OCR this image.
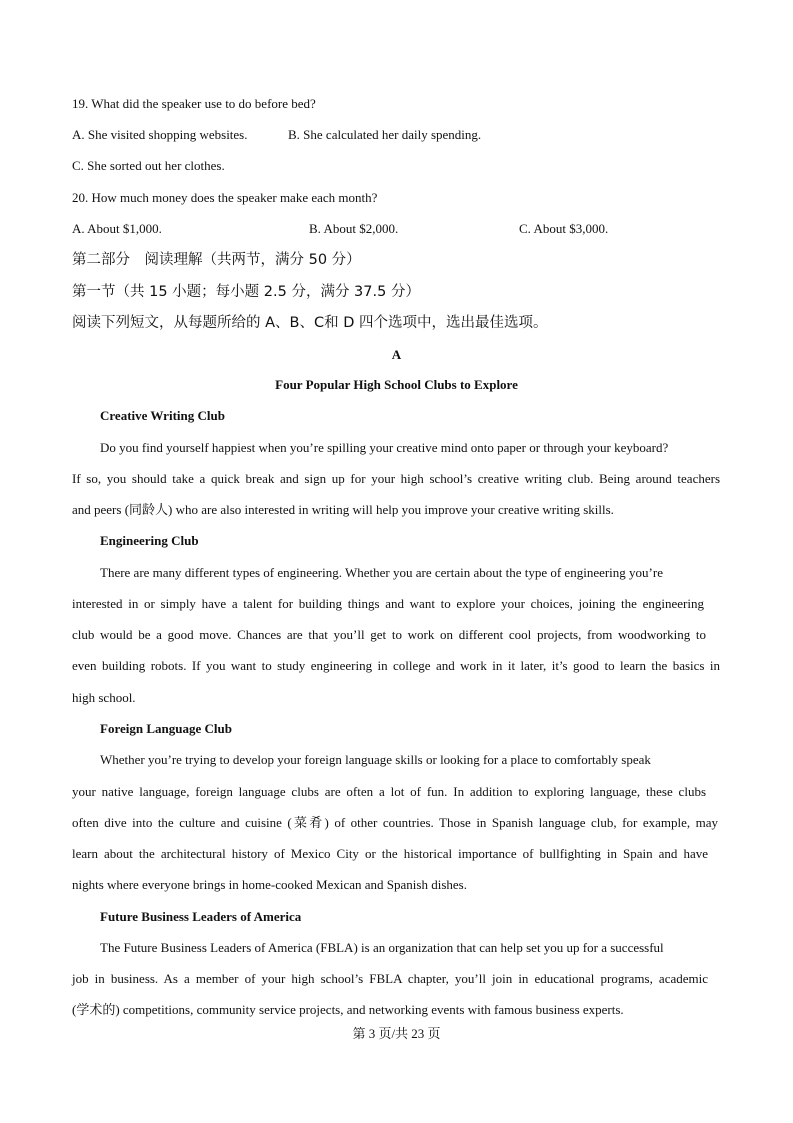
19. What did the speaker use to do before bed?
A. She visited shopping websites.	B. She calculated her daily spending.
C. She sorted out her clothes.
20. How much money does the speaker make each month?
A. About $1,000.	B. About $2,000.	C. About $3,000.
第二部分　阅读理解（共两节，满分 50 分）
第一节（共 15 小题；每小题 2.5 分，满分 37.5 分）
阅读下列短文，从每题所给的 A、B、C和 D 四个选项中，选出最佳选项。
A
Four Popular High School Clubs to Explore
Creative Writing Club
Do you find yourself happiest when you’re spilling your creative mind onto paper or through your keyboard?
If so, you should take a quick break and sign up for your high school’s creative writing club. Being around teachers
and peers (同龄人) who are also interested in writing will help you improve your creative writing skills.
Engineering Club
There are many different types of engineering. Whether you are certain about the type of engineering you’re
interested in or simply have a talent for building things and want to explore your choices, joining the engineering
club would be a good move. Chances are that you’ll get to work on different cool projects, from woodworking to
even building robots. If you want to study engineering in college and work in it later, it’s good to learn the basics in
high school.
Foreign Language Club
Whether you’re trying to develop your foreign language skills or looking for a place to comfortably speak
your native language, foreign language clubs are often a lot of fun. In addition to exploring language, these clubs
often dive into the culture and cuisine (菜肴) of other countries. Those in Spanish language club, for example, may
learn about the architectural history of Mexico City or the historical importance of bullfighting in Spain and have
nights where everyone brings in home-cooked Mexican and Spanish dishes.
Future Business Leaders of America
The Future Business Leaders of America (FBLA) is an organization that can help set you up for a successful
job in business. As a member of your high school’s FBLA chapter, you’ll join in educational programs, academic
(学术的) competitions, community service projects, and networking events with famous business experts.
第 3 页/共 23 页
